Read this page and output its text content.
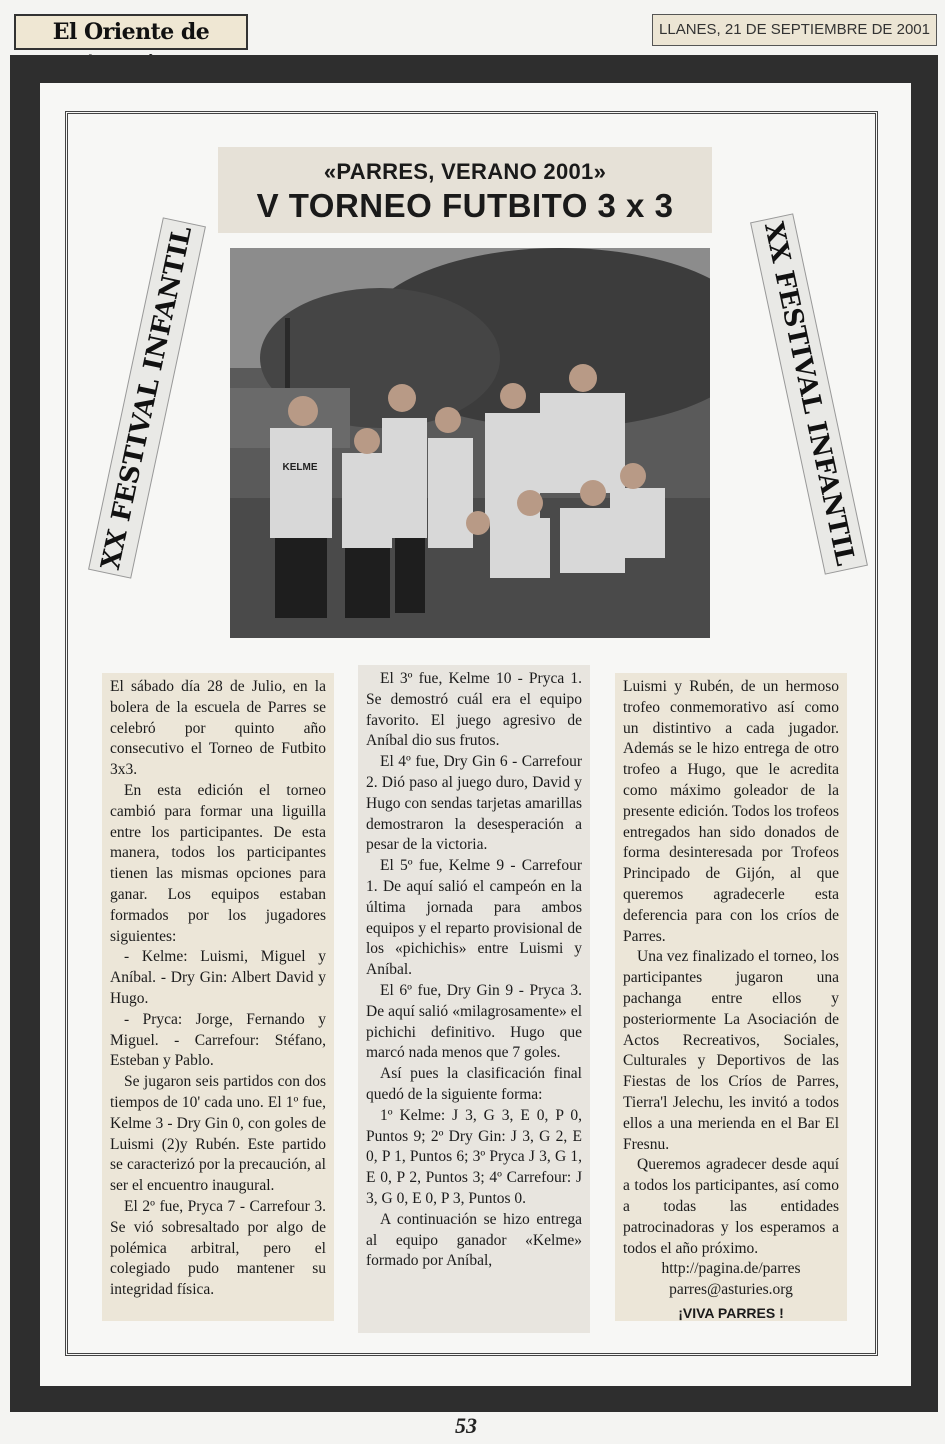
El Oriente de	LLANES, 21 DE SEPTIEMBRE DE 2001
«PARRES, VERANO 2001»
V TORNEO FUTBITO 3 x 3
KELME
XX FESTIVAL INFANTIL	XX FESTIVAL INFANTIL

El sábado día 28 de Julio, en la bolera de la escuela de Parres se celebró por quinto año consecutivo el Torneo de Futbito 3x3.

En esta edición el torneo cambió para formar una liguilla entre los participantes. De esta manera, todos los participantes tienen las mismas opciones para ganar. Los equipos estaban formados por los jugadores siguientes:

- Kelme: Luismi, Miguel y Aníbal. - Dry Gin: Albert David y Hugo.

- Pryca: Jorge, Fernando y Miguel. - Carrefour: Stéfano, Esteban y Pablo.

Se jugaron seis partidos con dos tiempos de 10' cada uno. El 1º fue, Kelme 3 - Dry Gin 0, con goles de Luismi (2)y Rubén. Este partido se caracterizó por la precaución, al ser el encuentro inaugural.

El 2º fue, Pryca 7 - Carrefour 3. Se vió sobresaltado por algo de polémica arbitral, pero el colegiado pudo mantener su integridad física.

El 3º fue, Kelme 10 - Pryca 1. Se demostró cuál era el equipo favorito. El juego agresivo de Aníbal dio sus frutos.

El 4º fue, Dry Gin 6 - Carrefour 2. Dió paso al juego duro, David y Hugo con sendas tarjetas amarillas demostraron la desesperación a pesar de la victoria.

El 5º fue, Kelme 9 - Carrefour 1. De aquí salió el campeón en la última jornada para ambos equipos y el reparto provisional de los «pichichis» entre Luismi y Aníbal.

El 6º fue, Dry Gin 9 - Pryca 3. De aquí salió «milagrosamente» el pichichi definitivo. Hugo que marcó nada menos que 7 goles.

Así pues la clasificación final quedó de la siguiente forma:

1º Kelme: J 3, G 3, E 0, P 0, Puntos 9; 2º Dry Gin: J 3, G 2, E 0, P 1, Puntos 6; 3º Pryca J 3, G 1, E 0, P 2, Puntos 3; 4º Carrefour: J 3, G 0, E 0, P 3, Puntos 0.

A continuación se hizo entrega al equipo ganador «Kelme» formado por Aníbal,

Luismi y Rubén, de un hermoso trofeo conmemorativo así como un distintivo a cada jugador. Además se le hizo entrega de otro trofeo a Hugo, que le acredita como máximo goleador de la presente edición. Todos los trofeos entregados han sido donados de forma desinteresada por Trofeos Principado de Gijón, al que queremos agradecerle esta deferencia para con los críos de Parres.

Una vez finalizado el torneo, los participantes jugaron una pachanga entre ellos y posteriormente La Asociación de Actos Recreativos, Sociales, Culturales y Deportivos de las Fiestas de los Críos de Parres, Tierra'l Jelechu, les invitó a todos ellos a una merienda en el Bar El Fresnu.

Queremos agradecer desde aquí a todos los participantes, así como a todas las entidades patrocinadoras y los esperamos a todos el año próximo.

http://pagina.de/parres

parres@asturies.org

¡VIVA PARRES !

53
